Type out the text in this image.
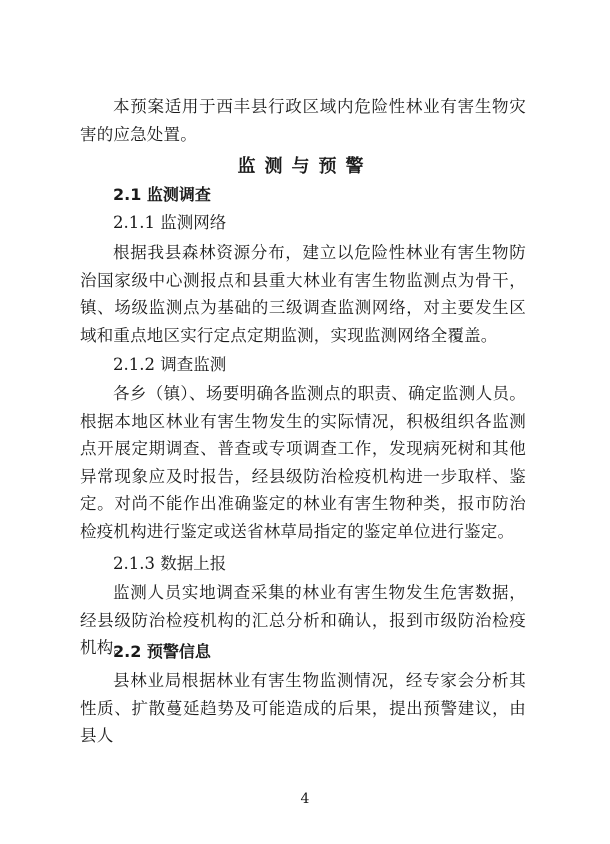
本预案适用于西丰县行政区域内危险性林业有害生物灾害的应急处置。
监测与预警
2.1 监测调查
2.1.1 监测网络
根据我县森林资源分布，建立以危险性林业有害生物防治国家级中心测报点和县重大林业有害生物监测点为骨干，镇、场级监测点为基础的三级调查监测网络，对主要发生区域和重点地区实行定点定期监测，实现监测网络全覆盖。
2.1.2 调查监测
各乡（镇）、场要明确各监测点的职责、确定监测人员。根据本地区林业有害生物发生的实际情况，积极组织各监测点开展定期调查、普查或专项调查工作，发现病死树和其他异常现象应及时报告，经县级防治检疫机构进一步取样、鉴定。对尚不能作出准确鉴定的林业有害生物种类，报市防治检疫机构进行鉴定或送省林草局指定的鉴定单位进行鉴定。
2.1.3 数据上报
监测人员实地调查采集的林业有害生物发生危害数据，经县级防治检疫机构的汇总分析和确认，报到市级防治检疫机构。
2.2 预警信息
县林业局根据林业有害生物监测情况，经专家会分析其性质、扩散蔓延趋势及可能造成的后果，提出预警建议，由县人
4
